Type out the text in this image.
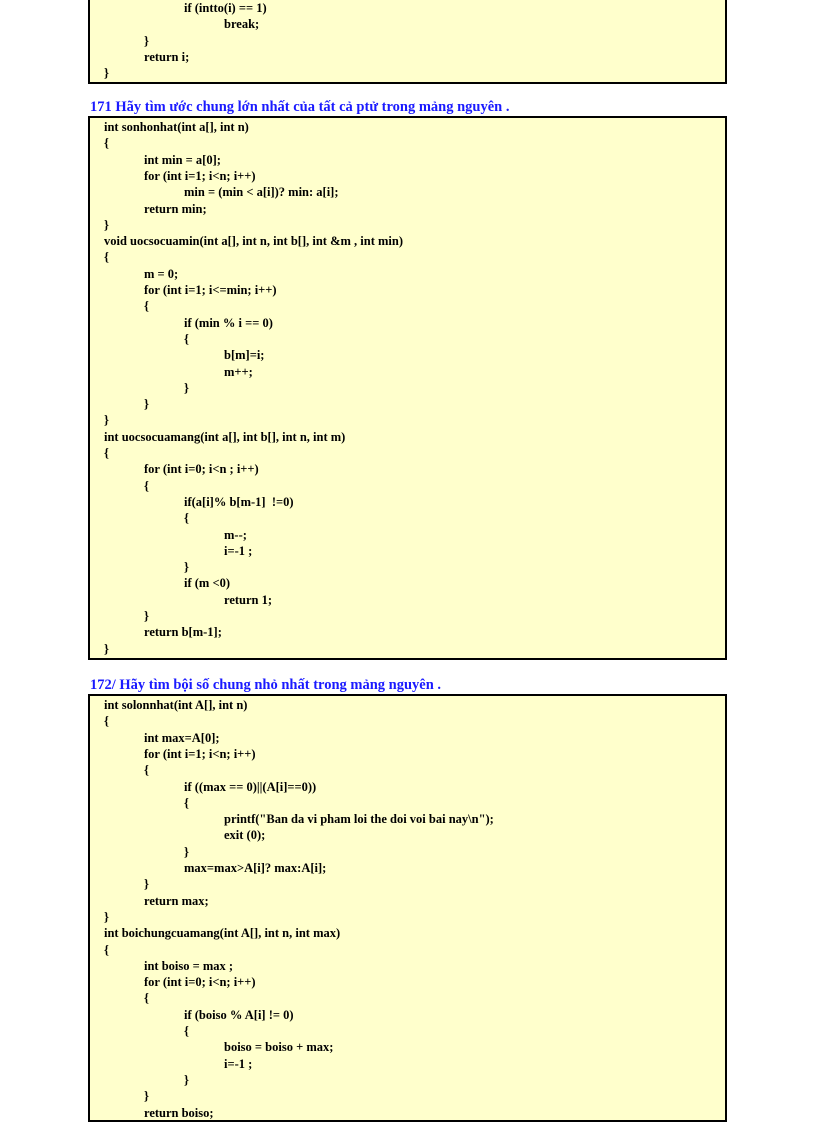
if (intto(i) == 1)
break;
}
return i;
}
171 Hãy tìm ước chung lớn nhất của tất cả ptử trong mảng nguyên .
int sonhonhat(int a[], int n)
{
int min = a[0];
for (int i=1; i<n; i++)
min = (min < a[i])? min: a[i];
return min;
}
void uocsocuamin(int a[], int n, int b[], int &m , int min)
{
m = 0;
for (int i=1; i<=min; i++)
{
if (min % i == 0)
{
b[m]=i;
m++;
}
}
}
int uocsocuamang(int a[], int b[], int n, int m)
{
for (int i=0; i<n ; i++)
{
if(a[i]% b[m-1]  !=0)
{
m--;
i=-1 ;
}
if (m <0)
return 1;
}
return b[m-1];
}
172/ Hãy tìm bội số chung nhỏ nhất trong mảng nguyên .
int solonnhat(int A[], int n)
{
int max=A[0];
for (int i=1; i<n; i++)
{
if ((max == 0)||(A[i]==0))
{
printf("Ban da vi pham loi the doi voi bai nay\n");
exit (0);
}
max=max>A[i]? max:A[i];
}
return max;
}
int boichungcuamang(int A[], int n, int max)
{
int boiso = max ;
for (int i=0; i<n; i++)
{
if (boiso % A[i] != 0)
{
boiso = boiso + max;
i=-1 ;
}
}
return boiso;
